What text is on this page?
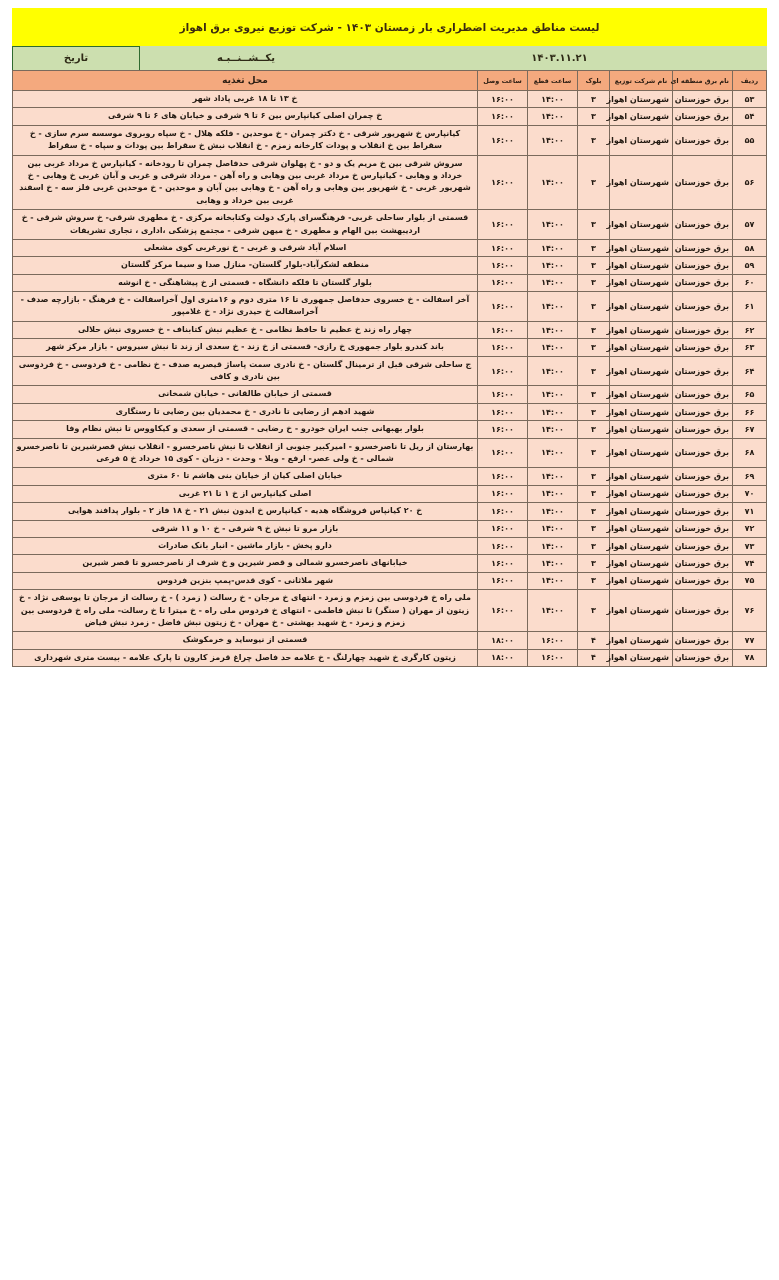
لیست مناطق مدیریت اضطراری بار زمستان ۱۴۰۳ - شرکت توزیع نیروی برق اهواز
۱۴۰۳.۱۱.۲۱
یکــشــنــبـه
تاریخ
ردیف	نام برق منطقه ای	نام شرکت توزیع	بلوک	ساعت قطع	ساعت وصل	محل تغذیه
۵۳	برق خوزستان	شهرستان اهواز	۳	۱۴:۰۰	۱۶:۰۰	خ ۱۳ تا ۱۸ غربی پاداد شهر
۵۴	برق خوزستان	شهرستان اهواز	۳	۱۴:۰۰	۱۶:۰۰	خ چمران اصلی کیانپارس بین ۶ تا ۹ شرقی و خیابان های ۶ تا ۹ شرقی
۵۵	برق خوزستان	شهرستان اهواز	۳	۱۴:۰۰	۱۶:۰۰	کیانپارس خ شهریور شرقی - خ دکتر چمران - خ موحدین - فلکه هلال - خ سپاه روبروی موسسه سرم سازی - خ سقراط بین خ انقلاب و پودات کارخانه زمزم - خ انقلاب نبش خ سقراط بین پودات و سپاه - خ سقراط
۵۶	برق خوزستان	شهرستان اهواز	۳	۱۴:۰۰	۱۶:۰۰	سروش شرقی بین خ مریم یک و دو - خ پهلوان شرقی حدفاصل چمران تا رودخانه - کیانپارس خ مرداد غربی بین خرداد و وهابی - کیانپارس خ مرداد غربی بین وهابی و راه آهن - مرداد شرقی و غربی و آبان غربی خ وهابی - خ شهریور غربی - خ شهریور بین وهابی و راه آهن - خ وهابی بین آبان و موحدین - خ موحدین غربی فلز سه - خ اسفند غربی بین خرداد و وهابی
۵۷	برق خوزستان	شهرستان اهواز	۳	۱۴:۰۰	۱۶:۰۰	قسمتی از بلوار ساحلی غربی- فرهنگسرای پارک دولت وکتابخانه مرکزی - خ مطهری شرقی- خ سروش شرقی - خ اردیبهشت بین الهام و مطهری - خ میهن شرقی - مجتمع پزشکی ،اداری ، تجاری تشریفات
۵۸	برق خوزستان	شهرستان اهواز	۳	۱۴:۰۰	۱۶:۰۰	اسلام آباد شرقی و غربی - خ نورغربی کوی مشعلی
۵۹	برق خوزستان	شهرستان اهواز	۳	۱۴:۰۰	۱۶:۰۰	منطقه لشکرآباد-بلوار گلستان- منازل صدا و سیما مرکز گلستان
۶۰	برق خوزستان	شهرستان اهواز	۳	۱۴:۰۰	۱۶:۰۰	بلوار گلستان تا فلکه دانشگاه - قسمتی از خ پیشاهنگی - خ انوشه
۶۱	برق خوزستان	شهرستان اهواز	۳	۱۴:۰۰	۱۶:۰۰	آخر اسفالت - خ خسروی حدفاصل جمهوری تا ۱۶ متری دوم و ۱۶متری اول آخراسفالت - خ فرهنگ - بازارچه صدف - آخراسفالت خ حیدری نژاد - خ غلامپور
۶۲	برق خوزستان	شهرستان اهواز	۳	۱۴:۰۰	۱۶:۰۰	چهار راه زند خ عظیم تا حافظ نظامی - خ عظیم نبش کتابناف - خ خسروی نبش حلالی
۶۳	برق خوزستان	شهرستان اهواز	۳	۱۴:۰۰	۱۶:۰۰	باند کندرو بلوار جمهوری خ رازی- قسمتی از خ زند - خ سعدی از زند تا نبش سیروس - بازار مرکز شهر
۶۴	برق خوزستان	شهرستان اهواز	۳	۱۴:۰۰	۱۶:۰۰	ج ساحلی شرقی قبل از ترمینال گلستان - خ نادری سمت پاساژ قیصریه صدف - خ نظامی - خ فردوسی - خ فردوسی بین نادری و کافی
۶۵	برق خوزستان	شهرستان اهواز	۳	۱۴:۰۰	۱۶:۰۰	قسمتی از خیابان طالقانی - خیابان شمخانی
۶۶	برق خوزستان	شهرستان اهواز	۳	۱۴:۰۰	۱۶:۰۰	شهید ادهم از رضایی تا نادری - خ محمدیان بین رضایی تا رستگاری
۶۷	برق خوزستان	شهرستان اهواز	۳	۱۴:۰۰	۱۶:۰۰	بلوار بهبهانی جنب ایران خودرو - خ رضایی - قسمتی از سعدی و کیکاووس تا نبش نظام وفا
۶۸	برق خوزستان	شهرستان اهواز	۳	۱۴:۰۰	۱۶:۰۰	بهارستان از ریل تا ناصرخسرو - امیرکبیر جنوبی از انقلاب تا نبش ناصرخسرو - انقلاب نبش قصرشیرین تا ناصرخسرو شمالی - خ ولی عصر- ارفع - ویلا - وحدت - دزبان - کوی ۱۵ خرداد خ ۵ فرعی
۶۹	برق خوزستان	شهرستان اهواز	۳	۱۴:۰۰	۱۶:۰۰	خیابان اصلی کیان از خیابان بنی هاشم تا ۶۰ متری
۷۰	برق خوزستان	شهرستان اهواز	۳	۱۴:۰۰	۱۶:۰۰	اصلی کیانپارس از خ ۱ تا ۲۱ غربی
۷۱	برق خوزستان	شهرستان اهواز	۳	۱۴:۰۰	۱۶:۰۰	خ ۲۰ کیانپاس فروشگاه هدیه - کیانپارس خ ایدون نبش ۲۱ - خ ۱۸ فاز ۲ - بلوار پدافند هوایی
۷۲	برق خوزستان	شهرستان اهواز	۳	۱۴:۰۰	۱۶:۰۰	بازار مرو تا نبش خ ۹ شرقی - خ ۱۰ و ۱۱ شرقی
۷۳	برق خوزستان	شهرستان اهواز	۳	۱۴:۰۰	۱۶:۰۰	دارو پخش - بازار ماشین - انبار بانک صادرات
۷۴	برق خوزستان	شهرستان اهواز	۳	۱۴:۰۰	۱۶:۰۰	خیابانهای ناصرخسرو شمالی و قصر شیرین و خ شرف از ناصرخسرو تا قصر شیرین
۷۵	برق خوزستان	شهرستان اهواز	۳	۱۴:۰۰	۱۶:۰۰	شهر ملاثانی - کوی قدس-پمپ بنزین فردوس
۷۶	برق خوزستان	شهرستان اهواز	۳	۱۴:۰۰	۱۶:۰۰	ملی راه خ فردوسی بین زمزم و زمرد - انتهای خ مرجان - خ رسالت ( زمرد ) - خ رسالت از مرجان تا یوسفی نژاد - خ زیتون از مهران ( سنگر) تا نبش فاطمی - انتهای خ فردوس ملی راه - خ میترا تا خ رسالت- ملی راه خ فردوسی بین زمزم و زمرد - خ شهید بهشتی - خ مهران - خ زیتون نبش فاضل - زمرد نبش فیاض
۷۷	برق خوزستان	شهرستان اهواز	۴	۱۶:۰۰	۱۸:۰۰	قسمتی از نیوساید و خرمکوشک
۷۸	برق خوزستان	شهرستان اهواز	۴	۱۶:۰۰	۱۸:۰۰	زیتون کارگری خ شهید چهارلنگ - خ علامه حد فاصل چراغ قرمز کارون تا پارک علامه - بیست متری شهرداری
